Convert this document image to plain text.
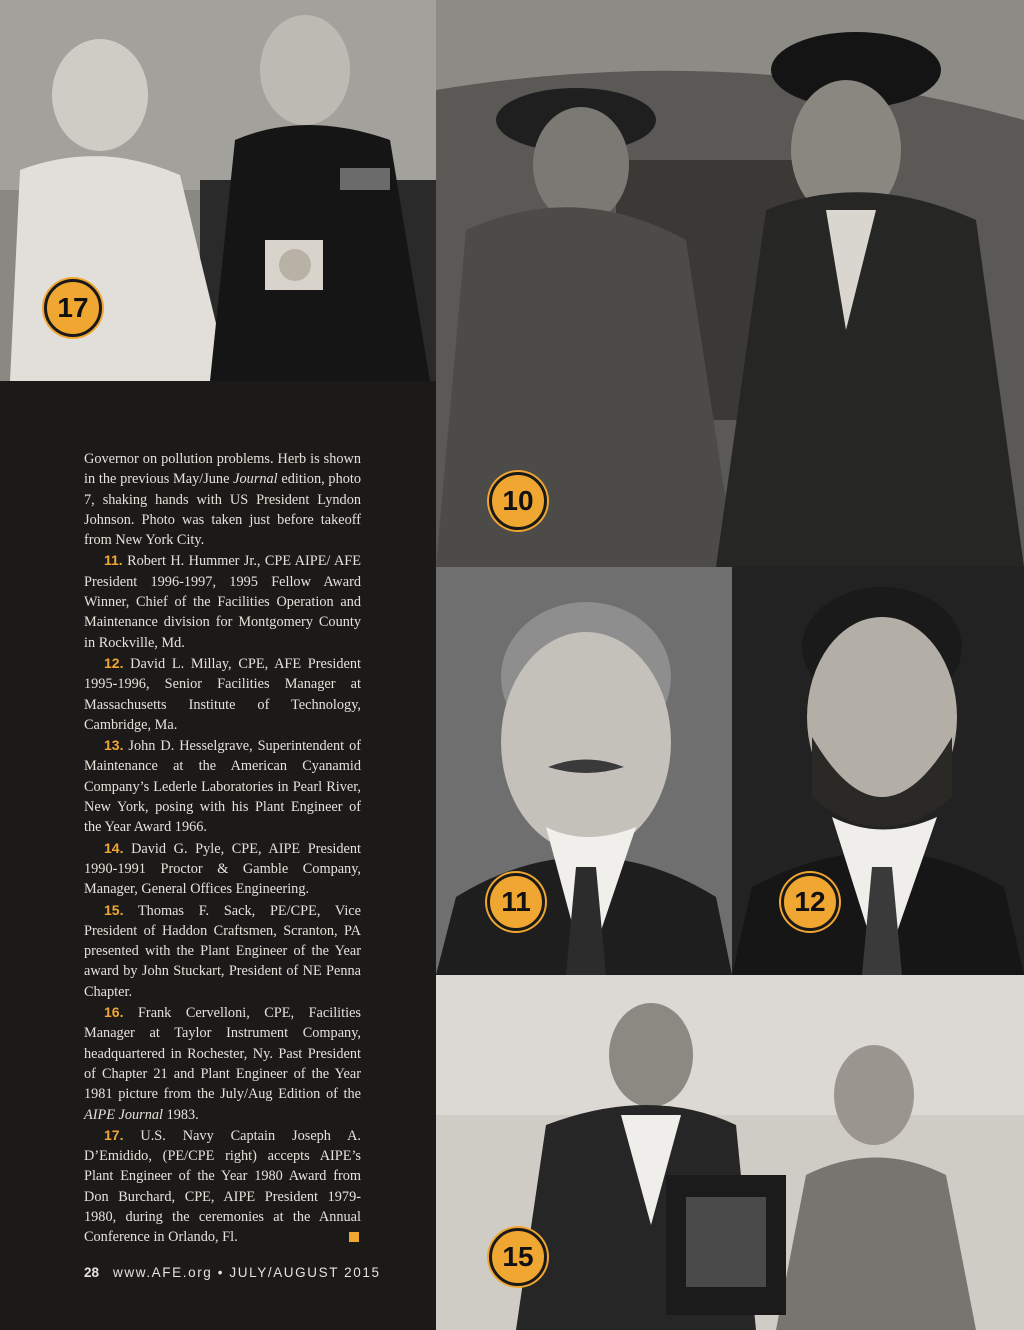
17
10
11	12
15

Governor on pollution problems. Herb is shown in the previous May/June Journal edition, photo 7, shaking hands with US President Lyndon Johnson. Photo was taken just before takeoff from New York City.

11. Robert H. Hummer Jr., CPE AIPE/ AFE President 1996-1997, 1995 Fellow Award Winner, Chief of the Facilities Operation and Maintenance division for Montgomery County in Rockville, Md.

12. David L. Millay, CPE, AFE President 1995-1996, Senior Facilities Manager at Massachusetts Institute of Technology, Cambridge, Ma.

13. John D. Hesselgrave, Superintendent of Maintenance at the American Cyanamid Company’s Lederle Laboratories in Pearl River, New York, posing with his Plant Engineer of the Year Award 1966.

14. David G. Pyle, CPE, AIPE President 1990-1991 Proctor & Gamble Company, Manager, General Offices Engineering.

15. Thomas F. Sack, PE/CPE, Vice President of Haddon Craftsmen, Scranton, PA presented with the Plant Engineer of the Year award by John Stuckart, President of NE Penna Chapter.

16. Frank Cervelloni, CPE, Facilities Manager at Taylor Instrument Company, headquartered in Rochester, Ny. Past President of Chapter 21 and Plant Engineer of the Year 1981 picture from the July/Aug Edition of the AIPE Journal 1983.

17. U.S. Navy Captain Joseph A. D’Emidido, (PE/CPE right) accepts AIPE’s Plant Engineer of the Year 1980 Award from Don Burchard, CPE, AIPE President 1979-1980, during the ceremonies at the Annual Conference in Orlando, Fl.

28 www.AFE.org • JULY/AUGUST 2015
